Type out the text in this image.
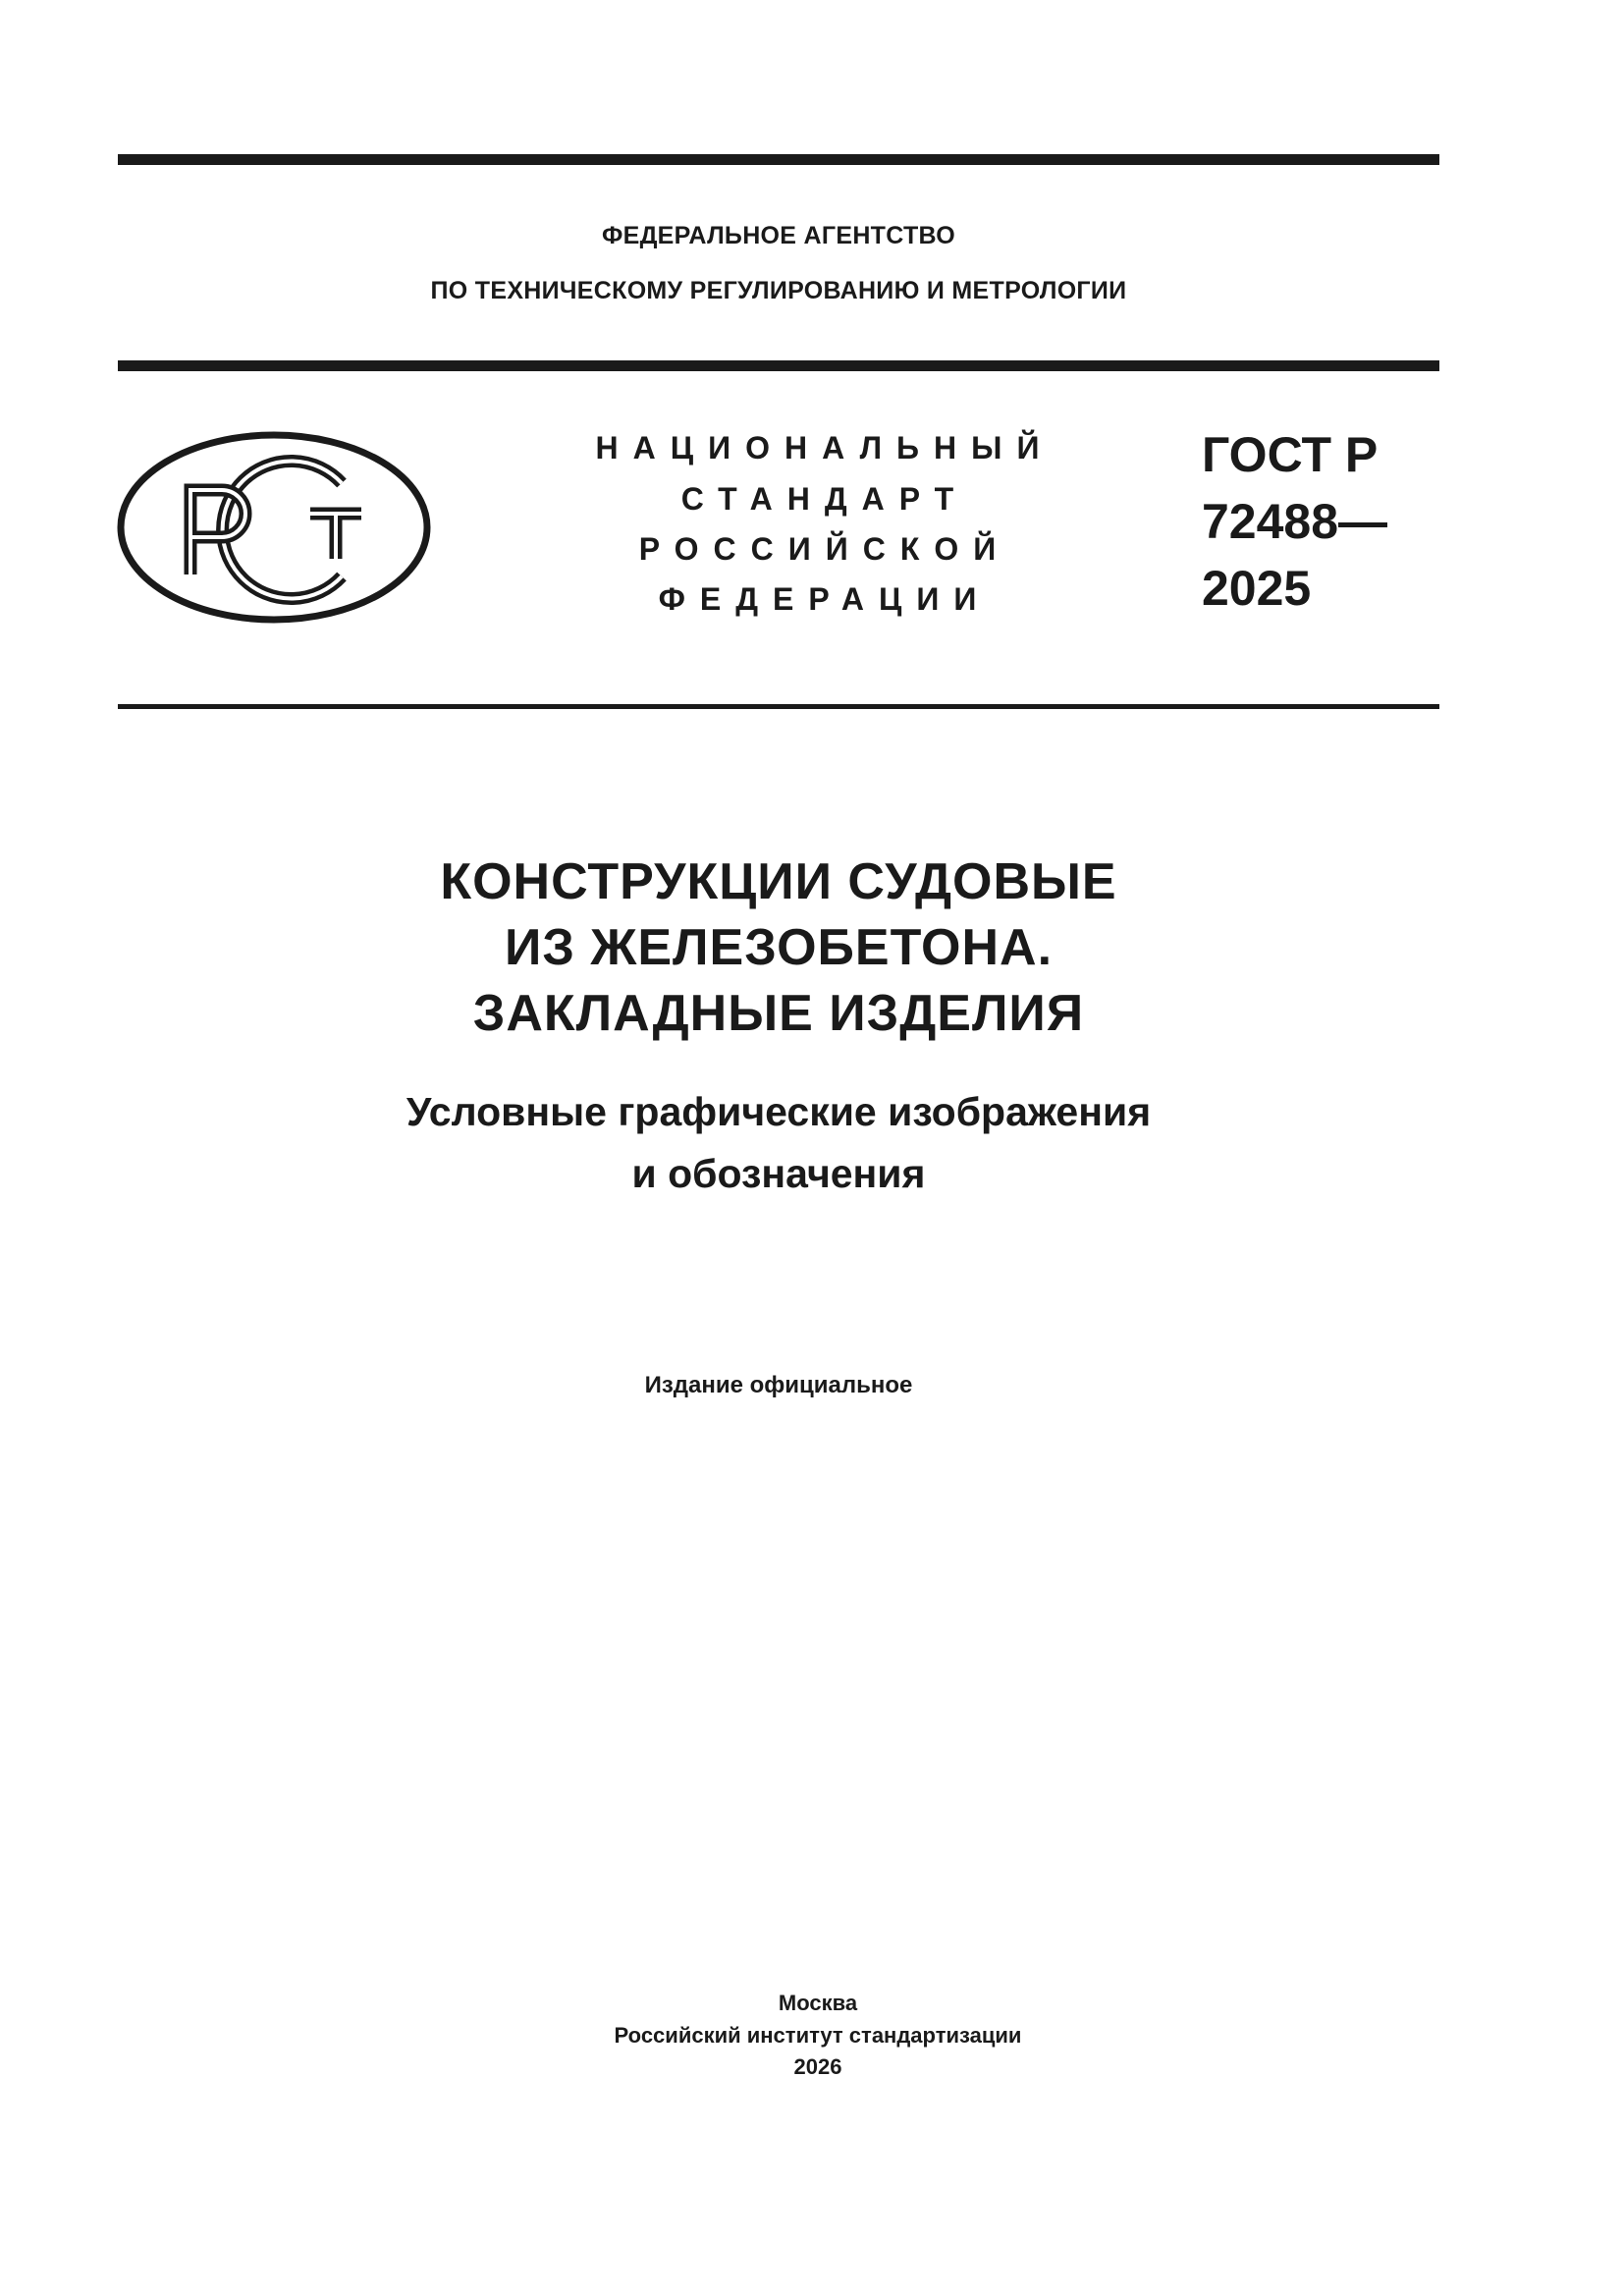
ФЕДЕРАЛЬНОЕ АГЕНТСТВО
ПО ТЕХНИЧЕСКОМУ РЕГУЛИРОВАНИЮ И МЕТРОЛОГИИ
НАЦИОНАЛЬНЫЙ
СТАНДАРТ
РОССИЙСКОЙ
ФЕДЕРАЦИИ
ГОСТ Р
72488—
2025
КОНСТРУКЦИИ СУДОВЫЕ
ИЗ ЖЕЛЕЗОБЕТОНА.
ЗАКЛАДНЫЕ ИЗДЕЛИЯ
Условные графические изображения
и обозначения
Издание официальное
Москва
Российский институт стандартизации
2026
